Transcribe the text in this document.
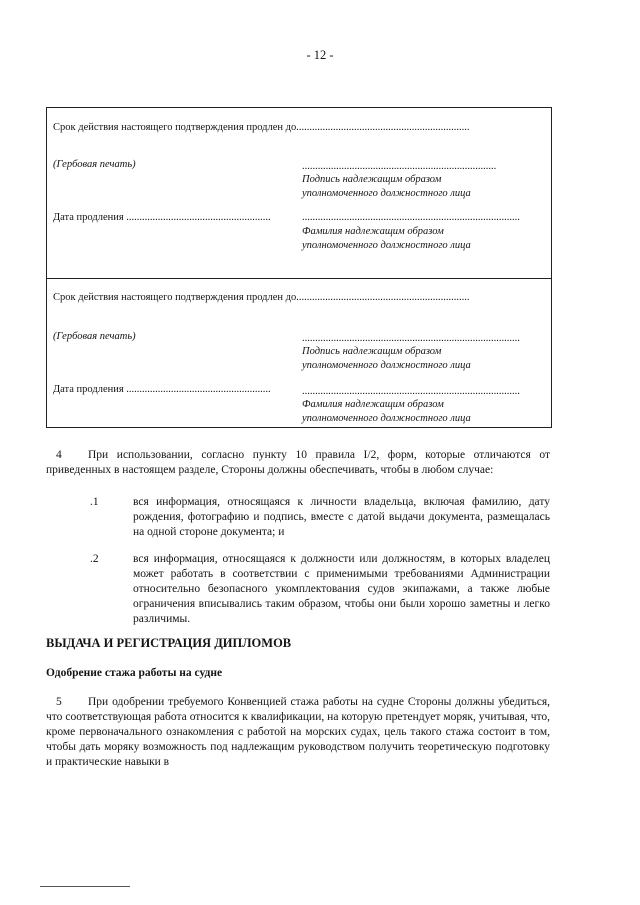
- 12 -
Срок действия настоящего подтверждения продлен до..................................................................
(Гербовая печать)	..........................................................................
Подпись надлежащим образом
уполномоченного должностного лица
Дата продления .......................................................	...................................................................................
Фамилия надлежащим образом
уполномоченного должностного лица
Срок действия настоящего подтверждения продлен до..................................................................
(Гербовая печать)	...................................................................................
Подпись надлежащим образом
уполномоченного должностного лица
Дата продления .......................................................	...................................................................................
Фамилия надлежащим образом
уполномоченного должностного лица
4 При использовании, согласно пункту 10 правила I/2, форм, которые отличаются от приведенных в настоящем разделе, Стороны должны обеспечивать, чтобы в любом случае:
.1	вся информация, относящаяся к личности владельца, включая фамилию, дату рождения, фотографию и подпись, вместе с датой выдачи документа, размещалась на одной стороне документа; и
.2	вся информация, относящаяся к должности или должностям, в которых владелец может работать в соответствии с применимыми требованиями Администрации относительно безопасного укомплектования судов экипажами, а также любые ограничения вписывались таким образом, чтобы они были хорошо заметны и легко различимы.
ВЫДАЧА И РЕГИСТРАЦИЯ ДИПЛОМОВ
Одобрение стажа работы на судне
5 При одобрении требуемого Конвенцией стажа работы на судне Стороны должны убедиться, что соответствующая работа относится к квалификации, на которую претендует моряк, учитывая, что, кроме первоначального ознакомления с работой на морских судах, цель такого стажа состоит в том, чтобы дать моряку возможность под надлежащим руководством получить теоретическую подготовку и практические навыки в
